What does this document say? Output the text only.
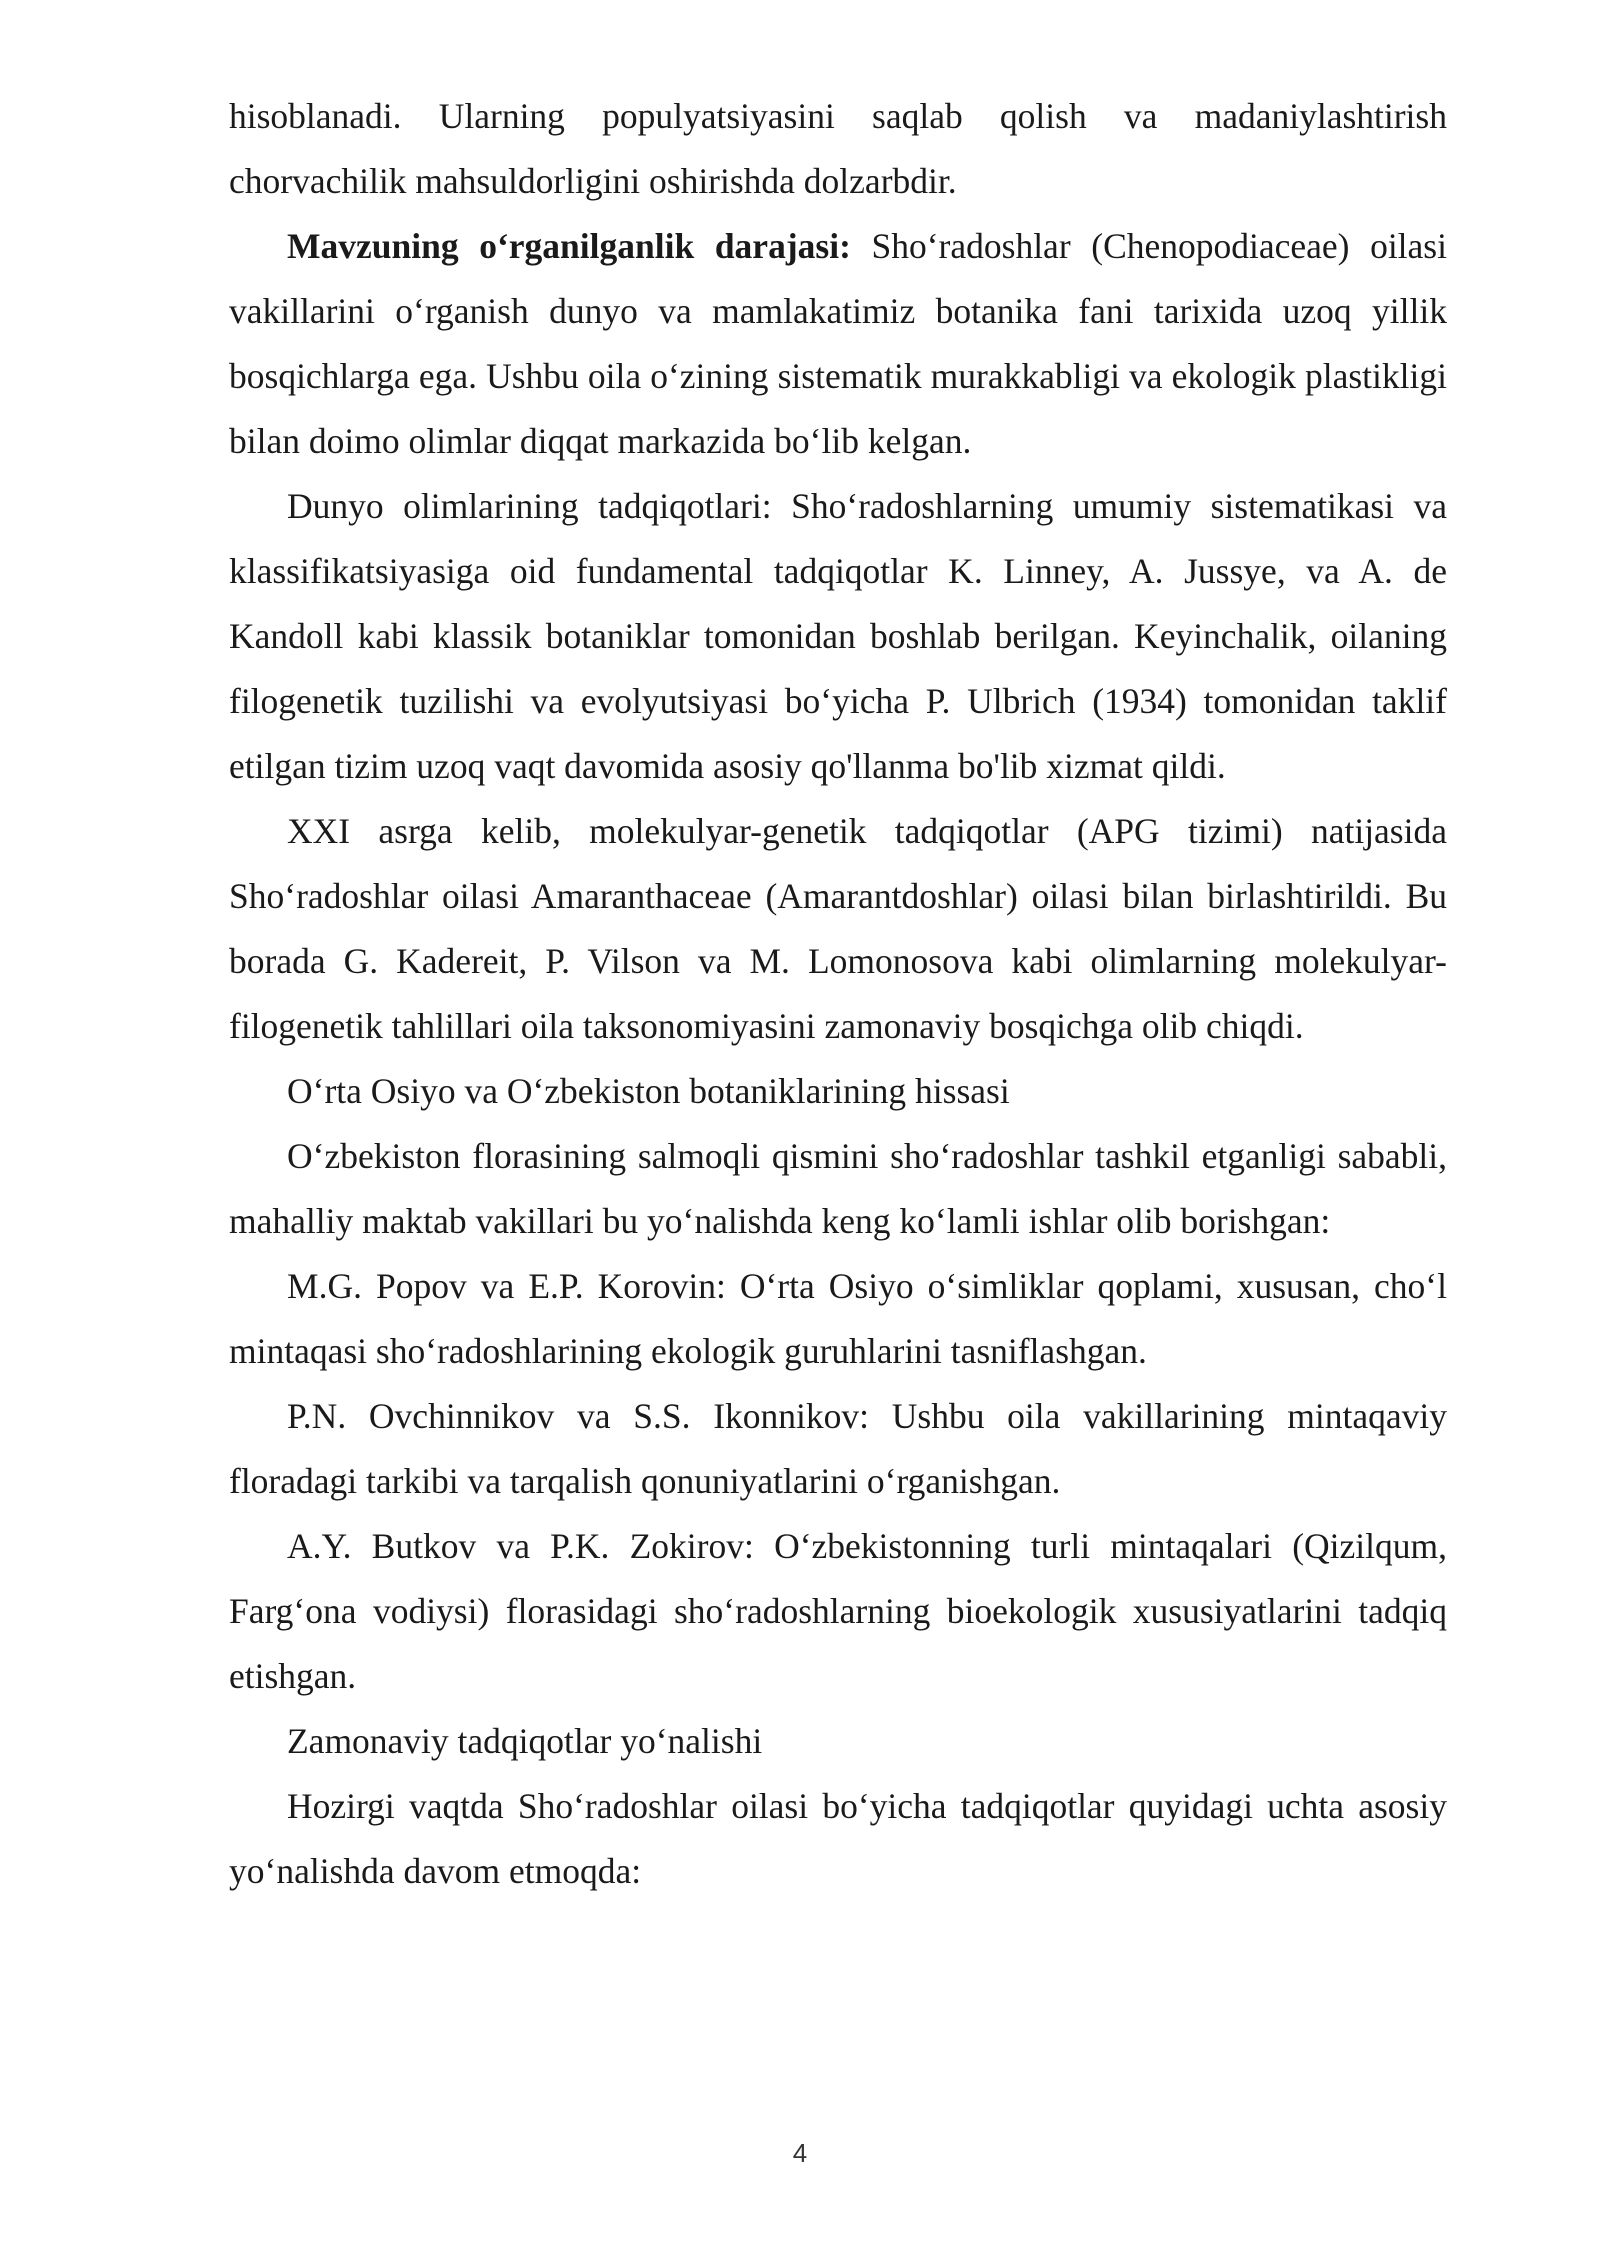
hisoblanadi. Ularning populyatsiyasini saqlab qolish va madaniylashtirish chorvachilik mahsuldorligini oshirishda dolzarbdir.

Mavzuning o‘rganilganlik darajasi: Sho‘radoshlar (Chenopodiaceae) oilasi vakillarini o‘rganish dunyo va mamlakatimiz botanika fani tarixida uzoq yillik bosqichlarga ega. Ushbu oila o‘zining sistematik murakkabligi va ekologik plastikligi bilan doimo olimlar diqqat markazida bo‘lib kelgan.

Dunyo olimlarining tadqiqotlari: Sho‘radoshlarning umumiy sistematikasi va klassifikatsiyasiga oid fundamental tadqiqotlar K. Linney, A. Jussye, va A. de Kandoll kabi klassik botaniklar tomonidan boshlab berilgan. Keyinchalik, oilaning filogenetik tuzilishi va evolyutsiyasi bo‘yicha P. Ulbrich (1934) tomonidan taklif etilgan tizim uzoq vaqt davomida asosiy qo'llanma bo'lib xizmat qildi.

XXI asrga kelib, molekulyar-genetik tadqiqotlar (APG tizimi) natijasida Sho‘radoshlar oilasi Amaranthaceae (Amarantdoshlar) oilasi bilan birlashtirildi. Bu borada G. Kadereit, P. Vilson va M. Lomonosova kabi olimlarning molekulyar-filogenetik tahlillari oila taksonomiyasini zamonaviy bosqichga olib chiqdi.

O‘rta Osiyo va O‘zbekiston botaniklarining hissasi

O‘zbekiston florasining salmoqli qismini sho‘radoshlar tashkil etganligi sababli, mahalliy maktab vakillari bu yo‘nalishda keng ko‘lamli ishlar olib borishgan:

M.G. Popov va E.P. Korovin: O‘rta Osiyo o‘simliklar qoplami, xususan, cho‘l mintaqasi sho‘radoshlarining ekologik guruhlarini tasniflashgan.

P.N. Ovchinnikov va S.S. Ikonnikov: Ushbu oila vakillarining mintaqaviy floradagi tarkibi va tarqalish qonuniyatlarini o‘rganishgan.

A.Y. Butkov va P.K. Zokirov: O‘zbekistonning turli mintaqalari (Qizilqum, Farg‘ona vodiysi) florasidagi sho‘radoshlarning bioekologik xususiyatlarini tadqiq etishgan.

Zamonaviy tadqiqotlar yo‘nalishi

Hozirgi vaqtda Sho‘radoshlar oilasi bo‘yicha tadqiqotlar quyidagi uchta asosiy yo‘nalishda davom etmoqda:

4
